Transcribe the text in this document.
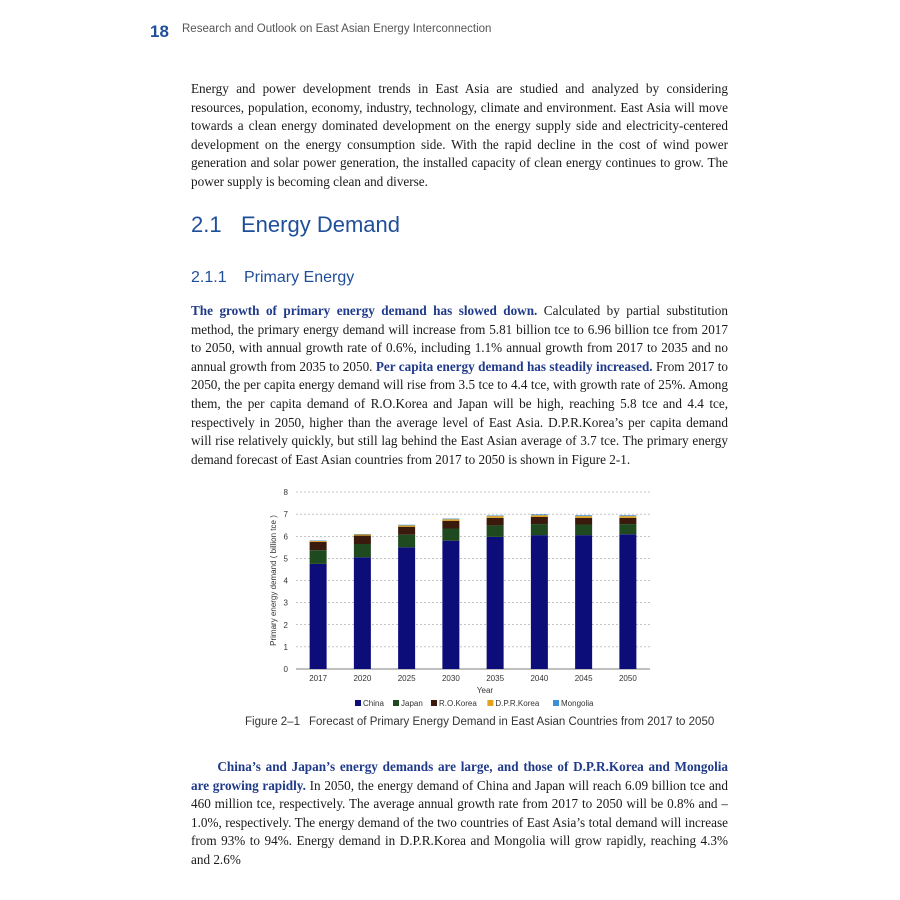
18 Research and Outlook on East Asian Energy Interconnection

Energy and power development trends in East Asia are studied and analyzed by considering resources, population, economy, industry, technology, climate and environment. East Asia will move towards a clean energy dominated development on the energy supply side and electricity-centered development on the energy consumption side. With the rapid decline in the cost of wind power generation and solar power generation, the installed capacity of clean energy continues to grow. The power supply is becoming clean and diverse.

2.1 Energy Demand
2.1.1 Primary Energy

The growth of primary energy demand has slowed down. Calculated by partial substitution method, the primary energy demand will increase from 5.81 billion tce to 6.96 billion tce from 2017 to 2050, with annual growth rate of 0.6%, including 1.1% annual growth from 2017 to 2035 and no annual growth from 2035 to 2050. Per capita energy demand has steadily increased. From 2017 to 2050, the per capita energy demand will rise from 3.5 tce to 4.4 tce, with growth rate of 25%. Among them, the per capita demand of R.O.Korea and Japan will be high, reaching 5.8 tce and 4.4 tce, respectively in 2050, higher than the average level of East Asia. D.P.R.Korea’s per capita demand will rise relatively quickly, but still lag behind the East Asian average of 3.7 tce. The primary energy demand forecast of East Asian countries from 2017 to 2050 is shown in Figure 2-1.

0
1
2
3
4
5
6
7
8
2017	2020	2025	2030	2035	2040	2045	2050
Year
Primary energy demand ( billion tce )
China Japan R.O.Korea D.P.R.Korea	Mongolia
Figure 2–1 Forecast of Primary Energy Demand in East Asian Countries from 2017 to 2050

China’s and Japan’s energy demands are large, and those of D.P.R.Korea and Mongolia are growing rapidly. In 2050, the energy demand of China and Japan will reach 6.09 billion tce and 460 million tce, respectively. The average annual growth rate from 2017 to 2050 will be 0.8% and –1.0%, respectively. The energy demand of the two countries of East Asia’s total demand will increase from 93% to 94%. Energy demand in D.P.R.Korea and Mongolia will grow rapidly, reaching 4.3% and 2.6%
